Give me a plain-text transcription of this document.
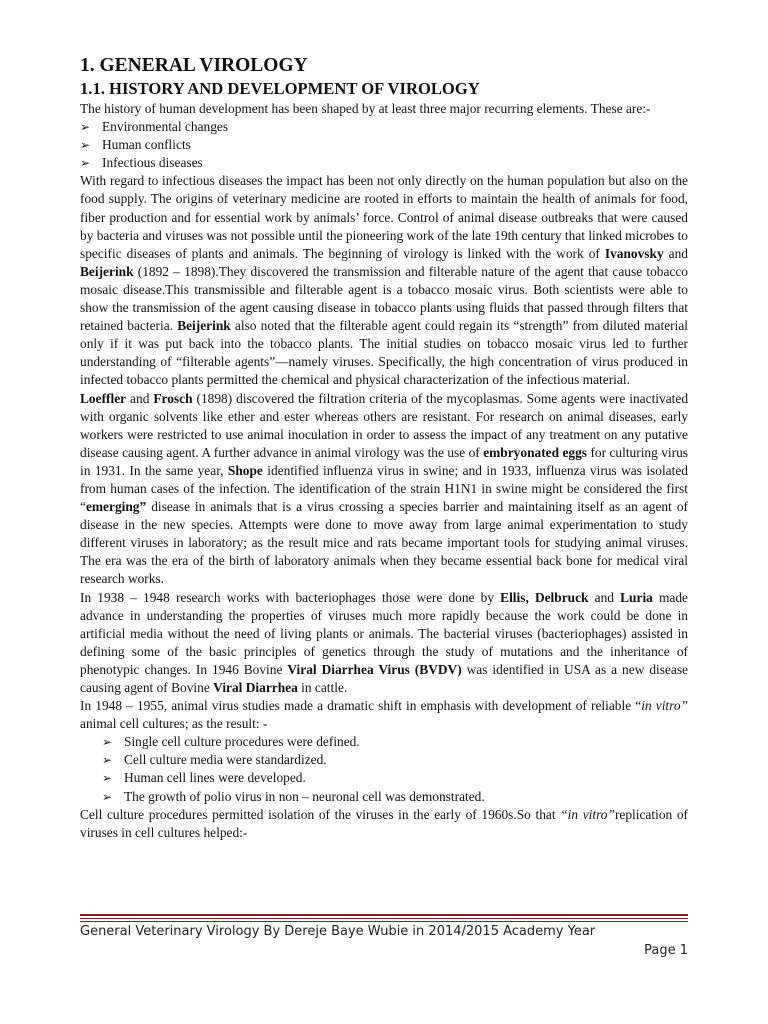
1. GENERAL VIROLOGY
1.1. HISTORY AND DEVELOPMENT OF VIROLOGY

The history of human development has been shaped by at least three major recurring elements. These are:-

➢ Environmental changes
➢ Human conflicts
➢ Infectious diseases

With regard to infectious diseases the impact has been not only directly on the human population but also on the food supply. The origins of veterinary medicine are rooted in efforts to maintain the health of animals for food, fiber production and for essential work by animals’ force. Control of animal disease outbreaks that were caused by bacteria and viruses was not possible until the pioneering work of the late 19th century that linked microbes to specific diseases of plants and animals. The beginning of virology is linked with the work of Ivanovsky and Beijerink (1892 – 1898).They discovered the transmission and filterable nature of the agent that cause tobacco mosaic disease.This transmissible and filterable agent is a tobacco mosaic virus. Both scientists were able to show the transmission of the agent causing disease in tobacco plants using fluids that passed through filters that retained bacteria. Beijerink also noted that the filterable agent could regain its “strength” from diluted material only if it was put back into the tobacco plants. The initial studies on tobacco mosaic virus led to further understanding of “filterable agents”—namely viruses. Specifically, the high concentration of virus produced in infected tobacco plants permitted the chemical and physical characterization of the infectious material.

Loeffler and Frosch (1898) discovered the filtration criteria of the mycoplasmas. Some agents were inactivated with organic solvents like ether and ester whereas others are resistant. For research on animal diseases, early workers were restricted to use animal inoculation in order to assess the impact of any treatment on any putative disease causing agent. A further advance in animal virology was the use of embryonated eggs for culturing virus in 1931. In the same year, Shope identified influenza virus in swine; and in 1933, influenza virus was isolated from human cases of the infection. The identification of the strain H1N1 in swine might be considered the first “emerging” disease in animals that is a virus crossing a species barrier and maintaining itself as an agent of disease in the new species. Attempts were done to move away from large animal experimentation to study different viruses in laboratory; as the result mice and rats became important tools for studying animal viruses. The era was the era of the birth of laboratory animals when they became essential back bone for medical viral research works.

In 1938 – 1948 research works with bacteriophages those were done by Ellis, Delbruck and Luria made advance in understanding the properties of viruses much more rapidly because the work could be done in artificial media without the need of living plants or animals. The bacterial viruses (bacteriophages) assisted in defining some of the basic principles of genetics through the study of mutations and the inheritance of phenotypic changes. In 1946 Bovine Viral Diarrhea Virus (BVDV) was identified in USA as a new disease causing agent of Bovine Viral Diarrhea in cattle.

In 1948 – 1955, animal virus studies made a dramatic shift in emphasis with development of reliable “in vitro” animal cell cultures; as the result: -

➢ Single cell culture procedures were defined.
➢ Cell culture media were standardized.
➢ Human cell lines were developed.
➢ The growth of polio virus in non – neuronal cell was demonstrated.

Cell culture procedures permitted isolation of the viruses in the early of 1960s.So that “in vitro”replication of viruses in cell cultures helped:-

General Veterinary Virology By Dereje Baye Wubie in 2014/2015 Academy Year
Page 1
